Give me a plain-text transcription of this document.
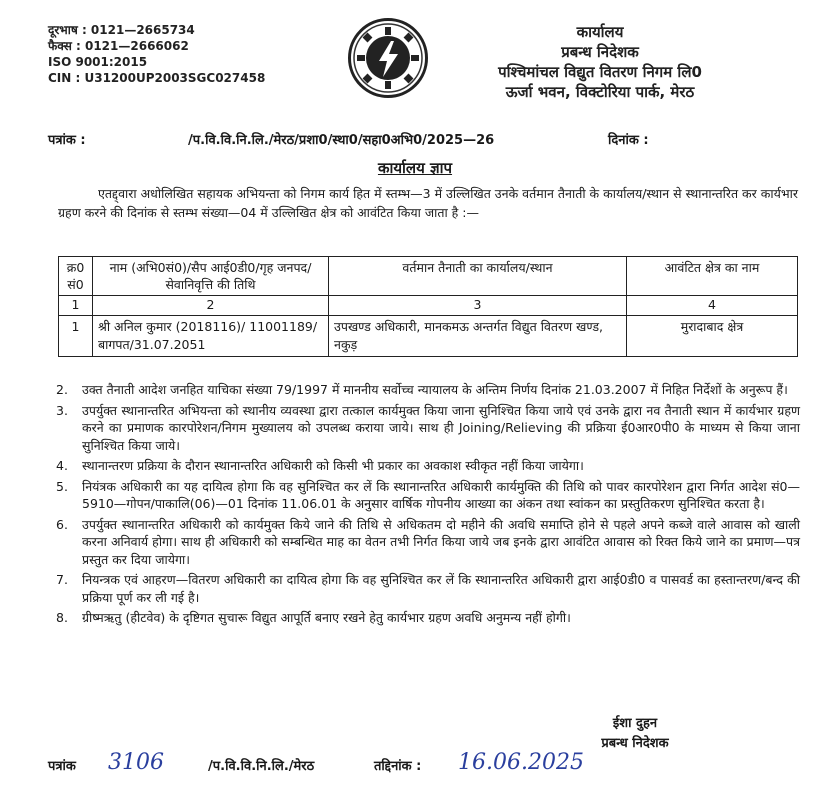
दूरभाष : 0121—2665734
फैक्स : 0121—2666062
ISO 9001:2015
CIN : U31200UP2003SGC027458
कार्यालय
प्रबन्ध निदेशक
पश्चिमांचल विद्युत वितरण निगम लि0
ऊर्जा भवन, विक्टोरिया पार्क, मेरठ
पत्रांक :	/प.वि.वि.नि.लि./मेरठ/प्रशा0/स्था0/सहा0अभि0/2025—26	दिनांक :
कार्यालय ज्ञाप
एतद्द्वारा अधोलिखित सहायक अभियन्ता को निगम कार्य हित में स्तम्भ—3 में उल्लिखित उनके वर्तमान तैनाती के कार्यालय/स्थान से स्थानान्तरित कर कार्यभार ग्रहण करने की दिनांक से स्तम्भ संख्या—04 में उल्लिखित क्षेत्र को आवंटित किया जाता है :—
क्र0 सं0	नाम (अभि0सं0)/सैप आई0डी0/गृह जनपद/सेवानिवृत्ति की तिथि	वर्तमान तैनाती का कार्यालय/स्थान	आवंटित क्षेत्र का नाम
1	2	3	4
1	श्री अनिल कुमार (2018116)/ 11001189/बागपत/31.07.2051	उपखण्ड अधिकारी, मानकमऊ अन्तर्गत विद्युत वितरण खण्ड, नकुड़	मुरादाबाद क्षेत्र
2.	उक्त तैनाती आदेश जनहित याचिका संख्या 79/1997 में माननीय सर्वोच्च न्यायालय के अन्तिम निर्णय दिनांक 21.03.2007 में निहित निर्देशों के अनुरूप हैं।
3.	उपर्युक्त स्थानान्तरित अभियन्ता को स्थानीय व्यवस्था द्वारा तत्काल कार्यमुक्त किया जाना सुनिश्चित किया जाये एवं उनके द्वारा नव तैनाती स्थान में कार्यभार ग्रहण करने का प्रमाणक कारपोरेशन/निगम मुख्यालय को उपलब्ध कराया जाये। साथ ही Joining/Relieving की प्रक्रिया ई0आर0पी0 के माध्यम से किया जाना सुनिश्चित किया जाये।
4.	स्थानान्तरण प्रक्रिया के दौरान स्थानान्तरित अधिकारी को किसी भी प्रकार का अवकाश स्वीकृत नहीं किया जायेगा।
5.	नियंत्रक अधिकारी का यह दायित्व होगा कि वह सुनिश्चित कर लें कि स्थानान्तरित अधिकारी कार्यमुक्ति की तिथि को पावर कारपोरेशन द्वारा निर्गत आदेश सं0—5910—गोपन/पाकालि(06)—01 दिनांक 11.06.01 के अनुसार वार्षिक गोपनीय आख्या का अंकन तथा स्वांकन का प्रस्तुतिकरण सुनिश्चित करता है।
6.	उपर्युक्त स्थानान्तरित अधिकारी को कार्यमुक्त किये जाने की तिथि से अधिकतम दो महीने की अवधि समाप्ति होने से पहले अपने कब्जे वाले आवास को खाली करना अनिवार्य होगा। साथ ही अधिकारी को सम्बन्धित माह का वेतन तभी निर्गत किया जाये जब इनके द्वारा आवंटित आवास को रिक्त किये जाने का प्रमाण—पत्र प्रस्तुत कर दिया जायेगा।
7.	नियन्त्रक एवं आहरण—वितरण अधिकारी का दायित्व होगा कि वह सुनिश्चित कर लें कि स्थानान्तरित अधिकारी द्वारा आई0डी0 व पासवर्ड का हस्तान्तरण/बन्द की प्रक्रिया पूर्ण कर ली गई है।
8.	ग्रीष्मऋतु (हीटवेव) के दृष्टिगत सुचारू विद्युत आपूर्ति बनाए रखने हेतु कार्यभार ग्रहण अवधि अनुमन्य नहीं होगी।
ईशा दुहन
प्रबन्ध निदेशक
पत्रांक 3106	/प.वि.वि.नि.लि./मेरठ	तद्दिनांक : 16.06.2025
